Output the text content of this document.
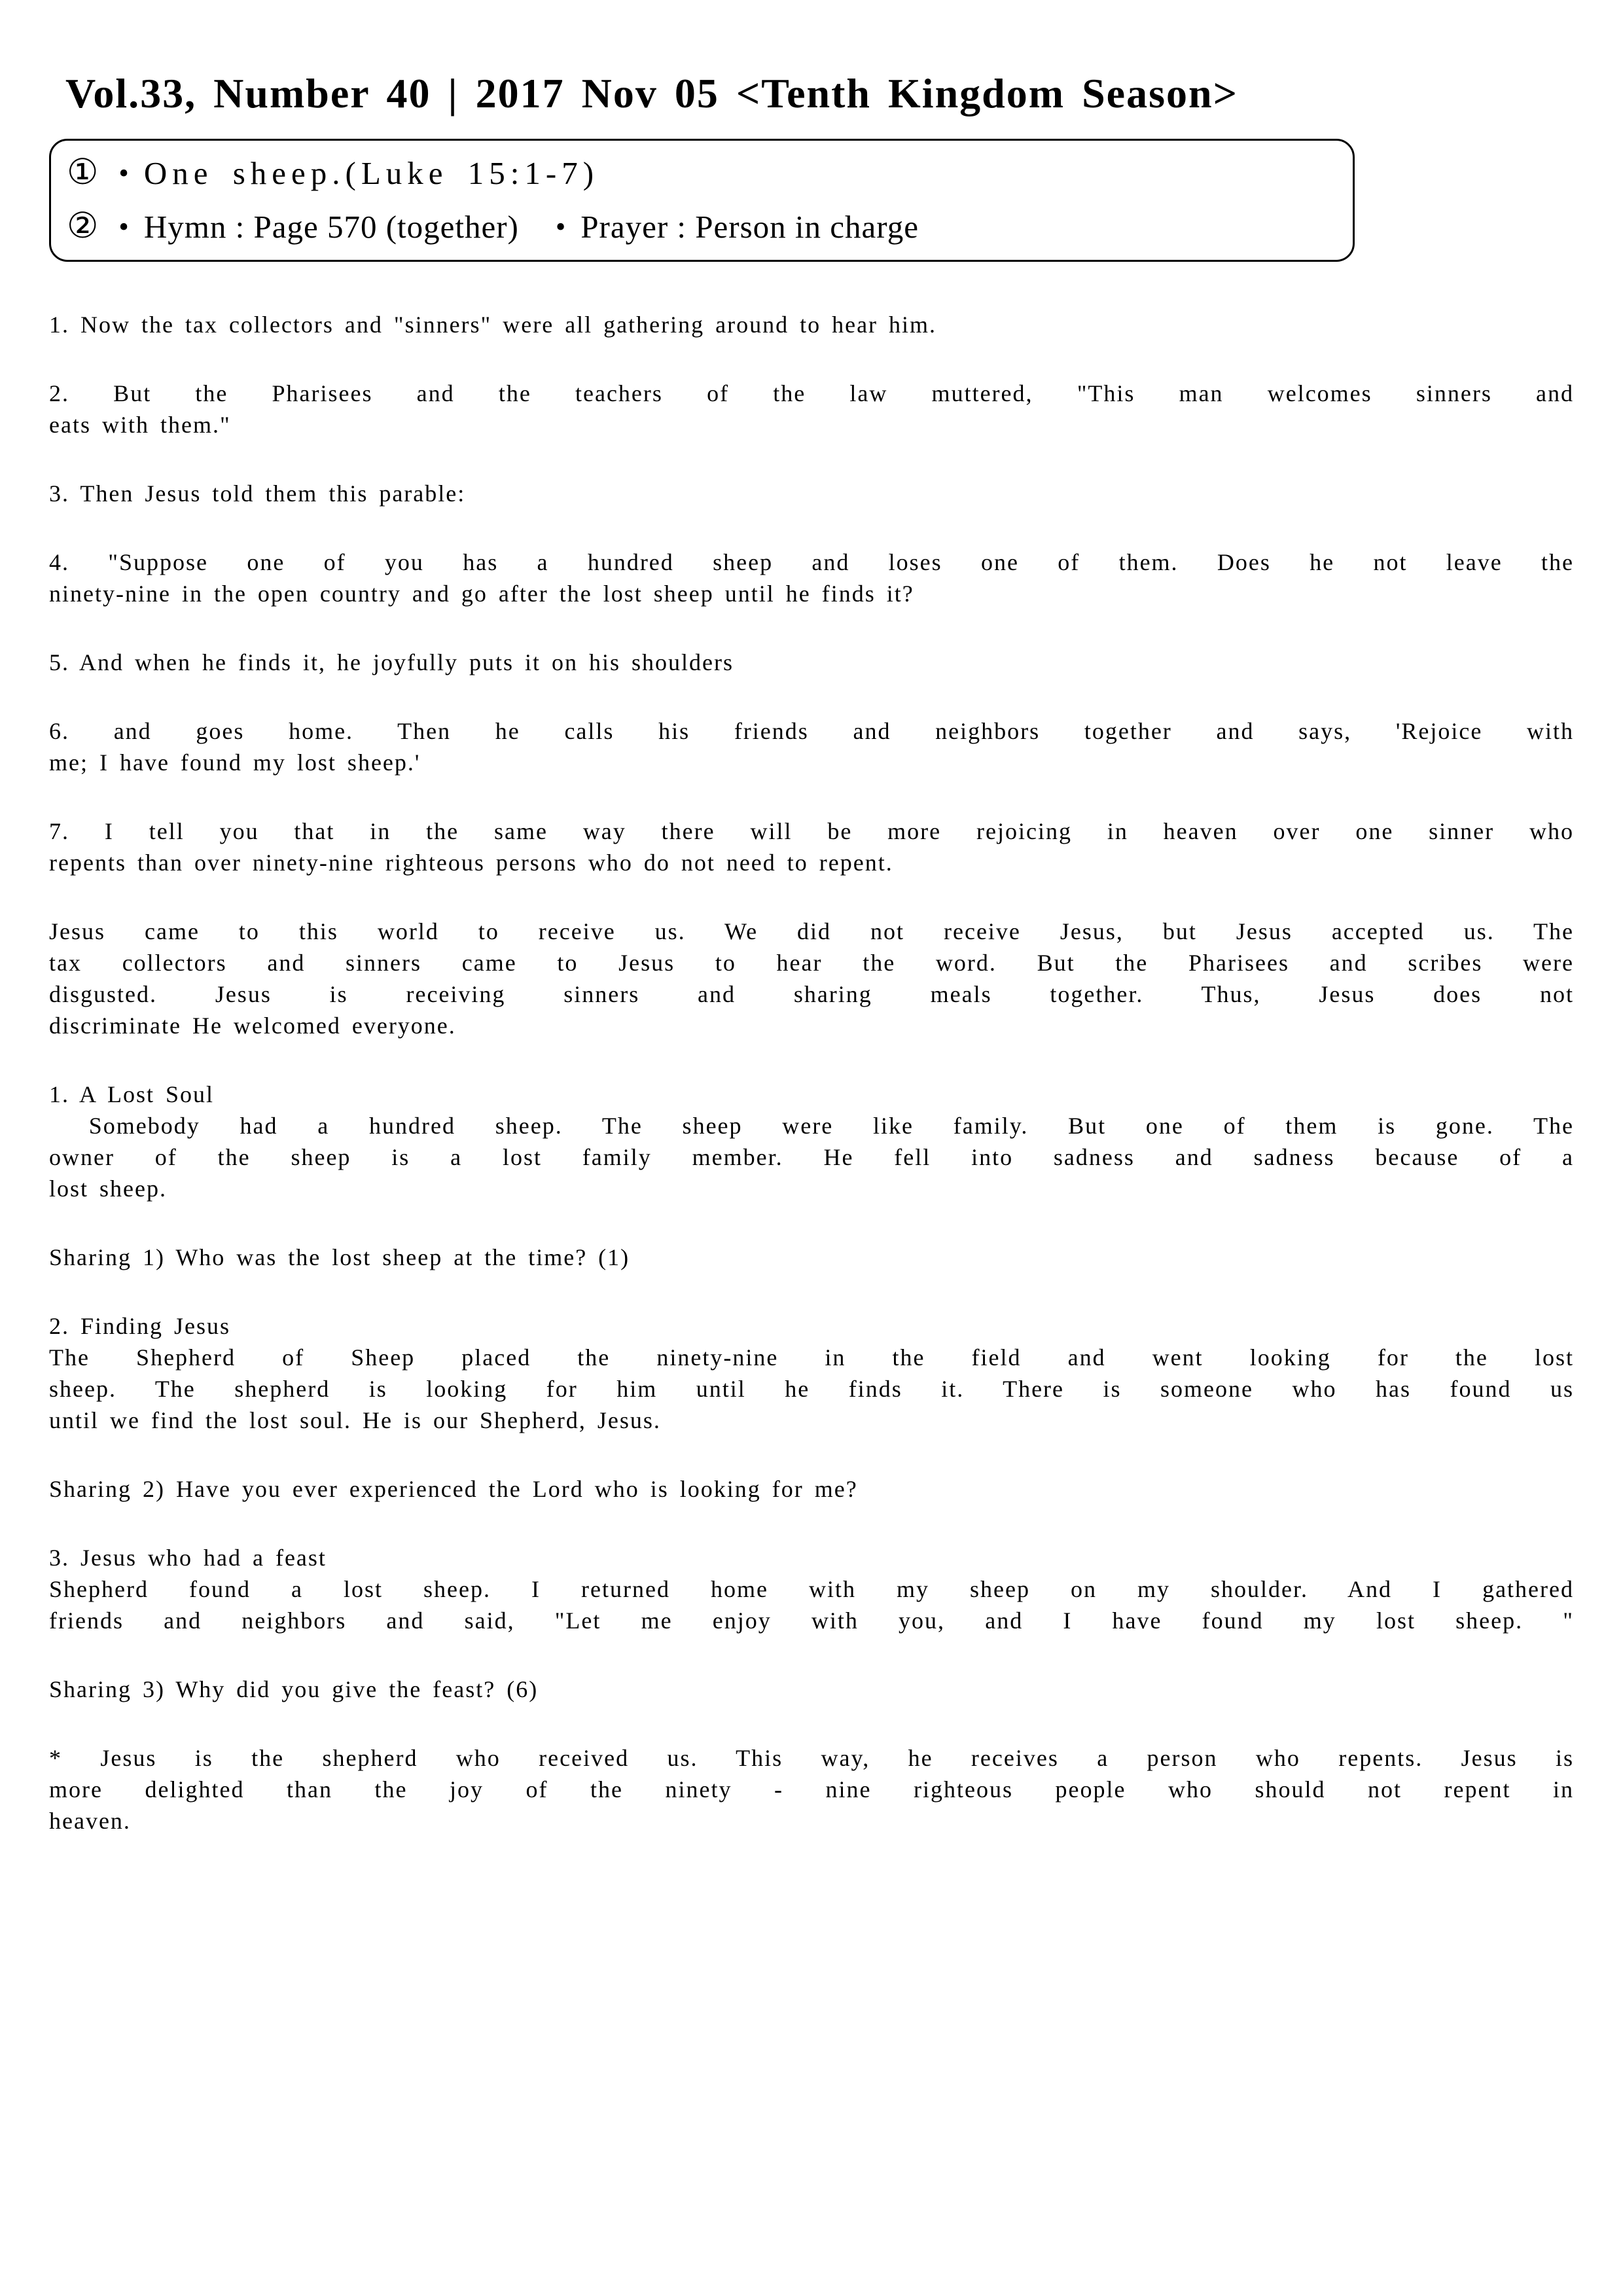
Vol.33, Number 40 | 2017 Nov 05 <Tenth Kingdom Season>
① • One sheep.(Luke 15:1-7)
② • Hymn : Page 570 (together) • Prayer : Person in charge
1. Now the tax collectors and "sinners" were all gathering around to hear him.
2. But the Pharisees and the teachers of the law muttered, "This man welcomes sinners and
eats with them."
3. Then Jesus told them this parable:
4. "Suppose one of you has a hundred sheep and loses one of them. Does he not leave the
ninety-nine in the open country and go after the lost sheep until he finds it?
5. And when he finds it, he joyfully puts it on his shoulders
6. and goes home. Then he calls his friends and neighbors together and says, 'Rejoice with
me; I have found my lost sheep.'
7. I tell you that in the same way there will be more rejoicing in heaven over one sinner who
repents than over ninety-nine righteous persons who do not need to repent.
Jesus came to this world to receive us. We did not receive Jesus, but Jesus accepted us. The
tax collectors and sinners came to Jesus to hear the word. But the Pharisees and scribes were
disgusted. Jesus is receiving sinners and sharing meals together. Thus, Jesus does not
discriminate He welcomed everyone.
1. A Lost Soul
Somebody had a hundred sheep. The sheep were like family. But one of them is gone. The
owner of the sheep is a lost family member. He fell into sadness and sadness because of a
lost sheep.
Sharing 1) Who was the lost sheep at the time? (1)
2. Finding Jesus
The Shepherd of Sheep placed the ninety-nine in the field and went looking for the lost
sheep. The shepherd is looking for him until he finds it. There is someone who has found us
until we find the lost soul. He is our Shepherd, Jesus.
Sharing 2) Have you ever experienced the Lord who is looking for me?
3. Jesus who had a feast
Shepherd found a lost sheep. I returned home with my sheep on my shoulder. And I gathered
friends and neighbors and said, "Let me enjoy with you, and I have found my lost sheep. "
Sharing 3) Why did you give the feast? (6)
* Jesus is the shepherd who received us. This way, he receives a person who repents. Jesus is
more delighted than the joy of the ninety - nine righteous people who should not repent in
heaven.
